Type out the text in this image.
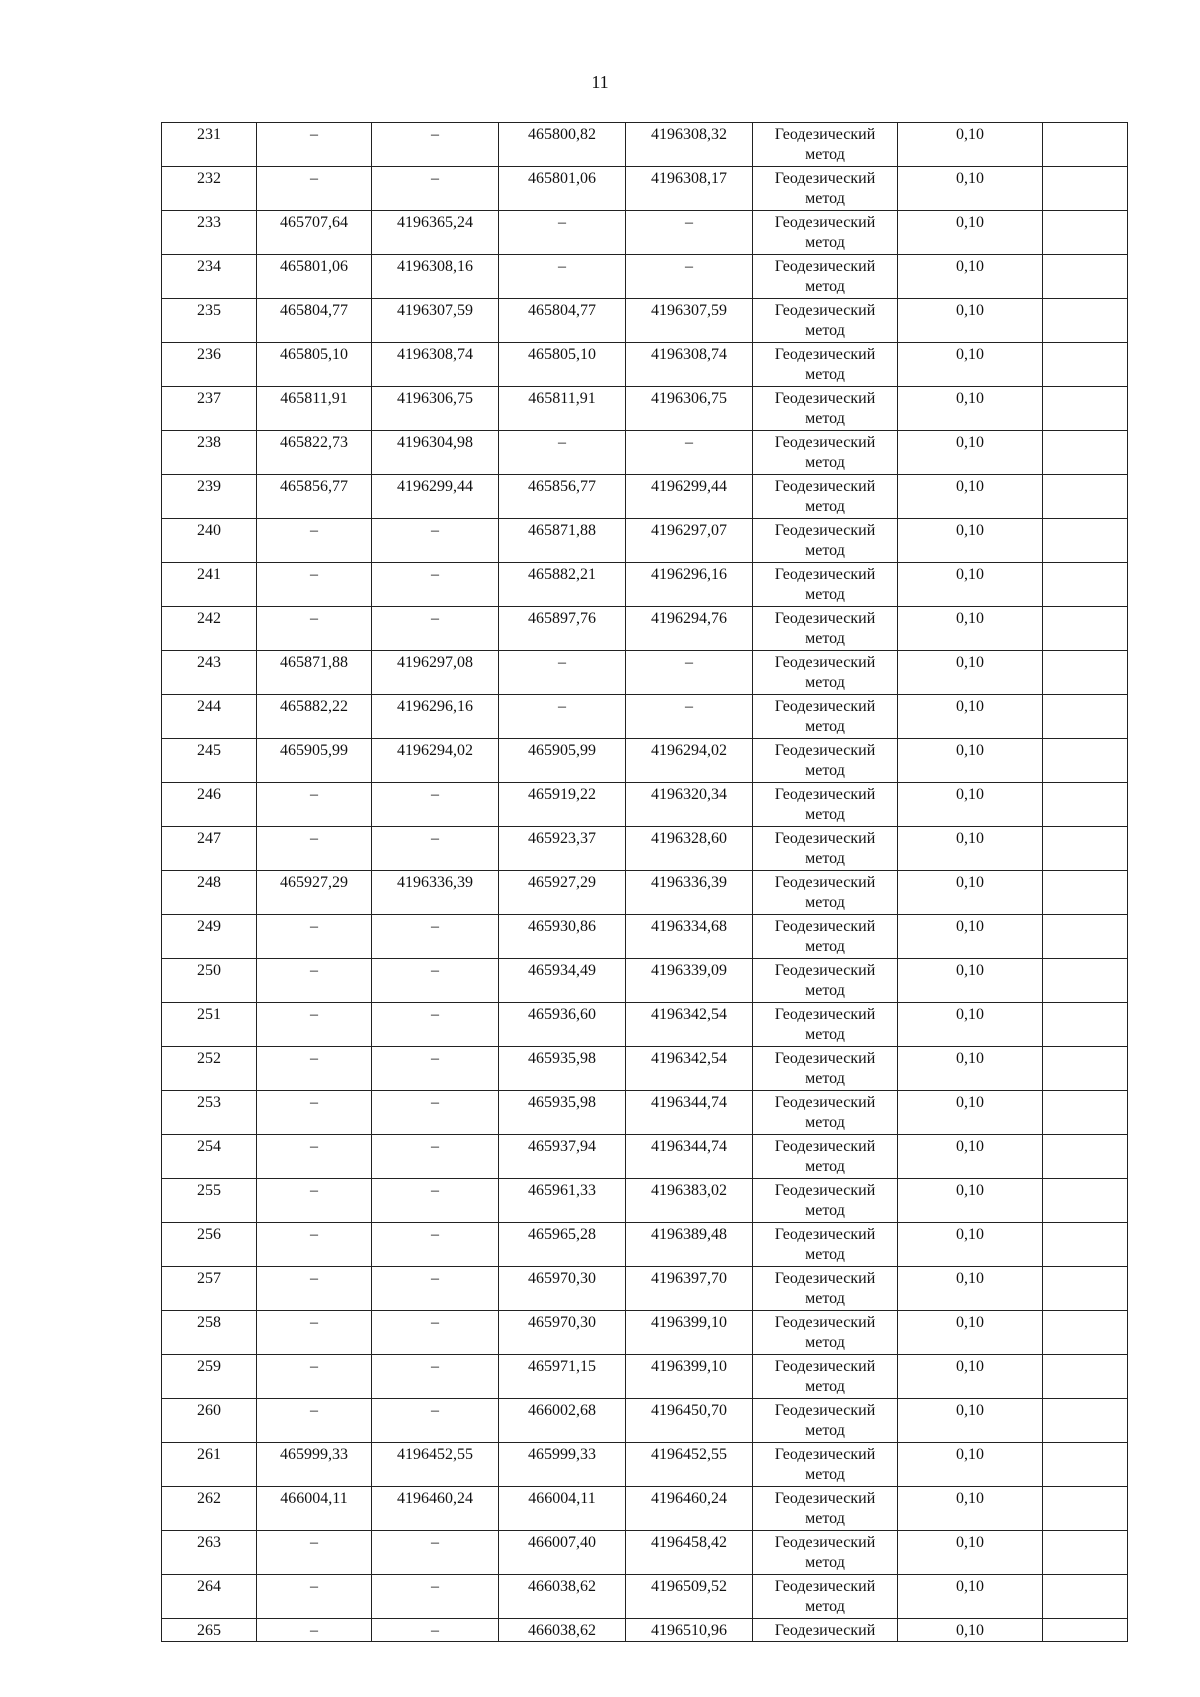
11
231	–	–	465800,82	4196308,32	Геодезический
метод	0,10	
232	–	–	465801,06	4196308,17	Геодезический
метод	0,10	
233	465707,64	4196365,24	–	–	Геодезический
метод	0,10	
234	465801,06	4196308,16	–	–	Геодезический
метод	0,10	
235	465804,77	4196307,59	465804,77	4196307,59	Геодезический
метод	0,10	
236	465805,10	4196308,74	465805,10	4196308,74	Геодезический
метод	0,10	
237	465811,91	4196306,75	465811,91	4196306,75	Геодезический
метод	0,10	
238	465822,73	4196304,98	–	–	Геодезический
метод	0,10	
239	465856,77	4196299,44	465856,77	4196299,44	Геодезический
метод	0,10	
240	–	–	465871,88	4196297,07	Геодезический
метод	0,10	
241	–	–	465882,21	4196296,16	Геодезический
метод	0,10	
242	–	–	465897,76	4196294,76	Геодезический
метод	0,10	
243	465871,88	4196297,08	–	–	Геодезический
метод	0,10	
244	465882,22	4196296,16	–	–	Геодезический
метод	0,10	
245	465905,99	4196294,02	465905,99	4196294,02	Геодезический
метод	0,10	
246	–	–	465919,22	4196320,34	Геодезический
метод	0,10	
247	–	–	465923,37	4196328,60	Геодезический
метод	0,10	
248	465927,29	4196336,39	465927,29	4196336,39	Геодезический
метод	0,10	
249	–	–	465930,86	4196334,68	Геодезический
метод	0,10	
250	–	–	465934,49	4196339,09	Геодезический
метод	0,10	
251	–	–	465936,60	4196342,54	Геодезический
метод	0,10	
252	–	–	465935,98	4196342,54	Геодезический
метод	0,10	
253	–	–	465935,98	4196344,74	Геодезический
метод	0,10	
254	–	–	465937,94	4196344,74	Геодезический
метод	0,10	
255	–	–	465961,33	4196383,02	Геодезический
метод	0,10	
256	–	–	465965,28	4196389,48	Геодезический
метод	0,10	
257	–	–	465970,30	4196397,70	Геодезический
метод	0,10	
258	–	–	465970,30	4196399,10	Геодезический
метод	0,10	
259	–	–	465971,15	4196399,10	Геодезический
метод	0,10	
260	–	–	466002,68	4196450,70	Геодезический
метод	0,10	
261	465999,33	4196452,55	465999,33	4196452,55	Геодезический
метод	0,10	
262	466004,11	4196460,24	466004,11	4196460,24	Геодезический
метод	0,10	
263	–	–	466007,40	4196458,42	Геодезический
метод	0,10	
264	–	–	466038,62	4196509,52	Геодезический
метод	0,10	
265	–	–	466038,62	4196510,96	Геодезический	0,10	
